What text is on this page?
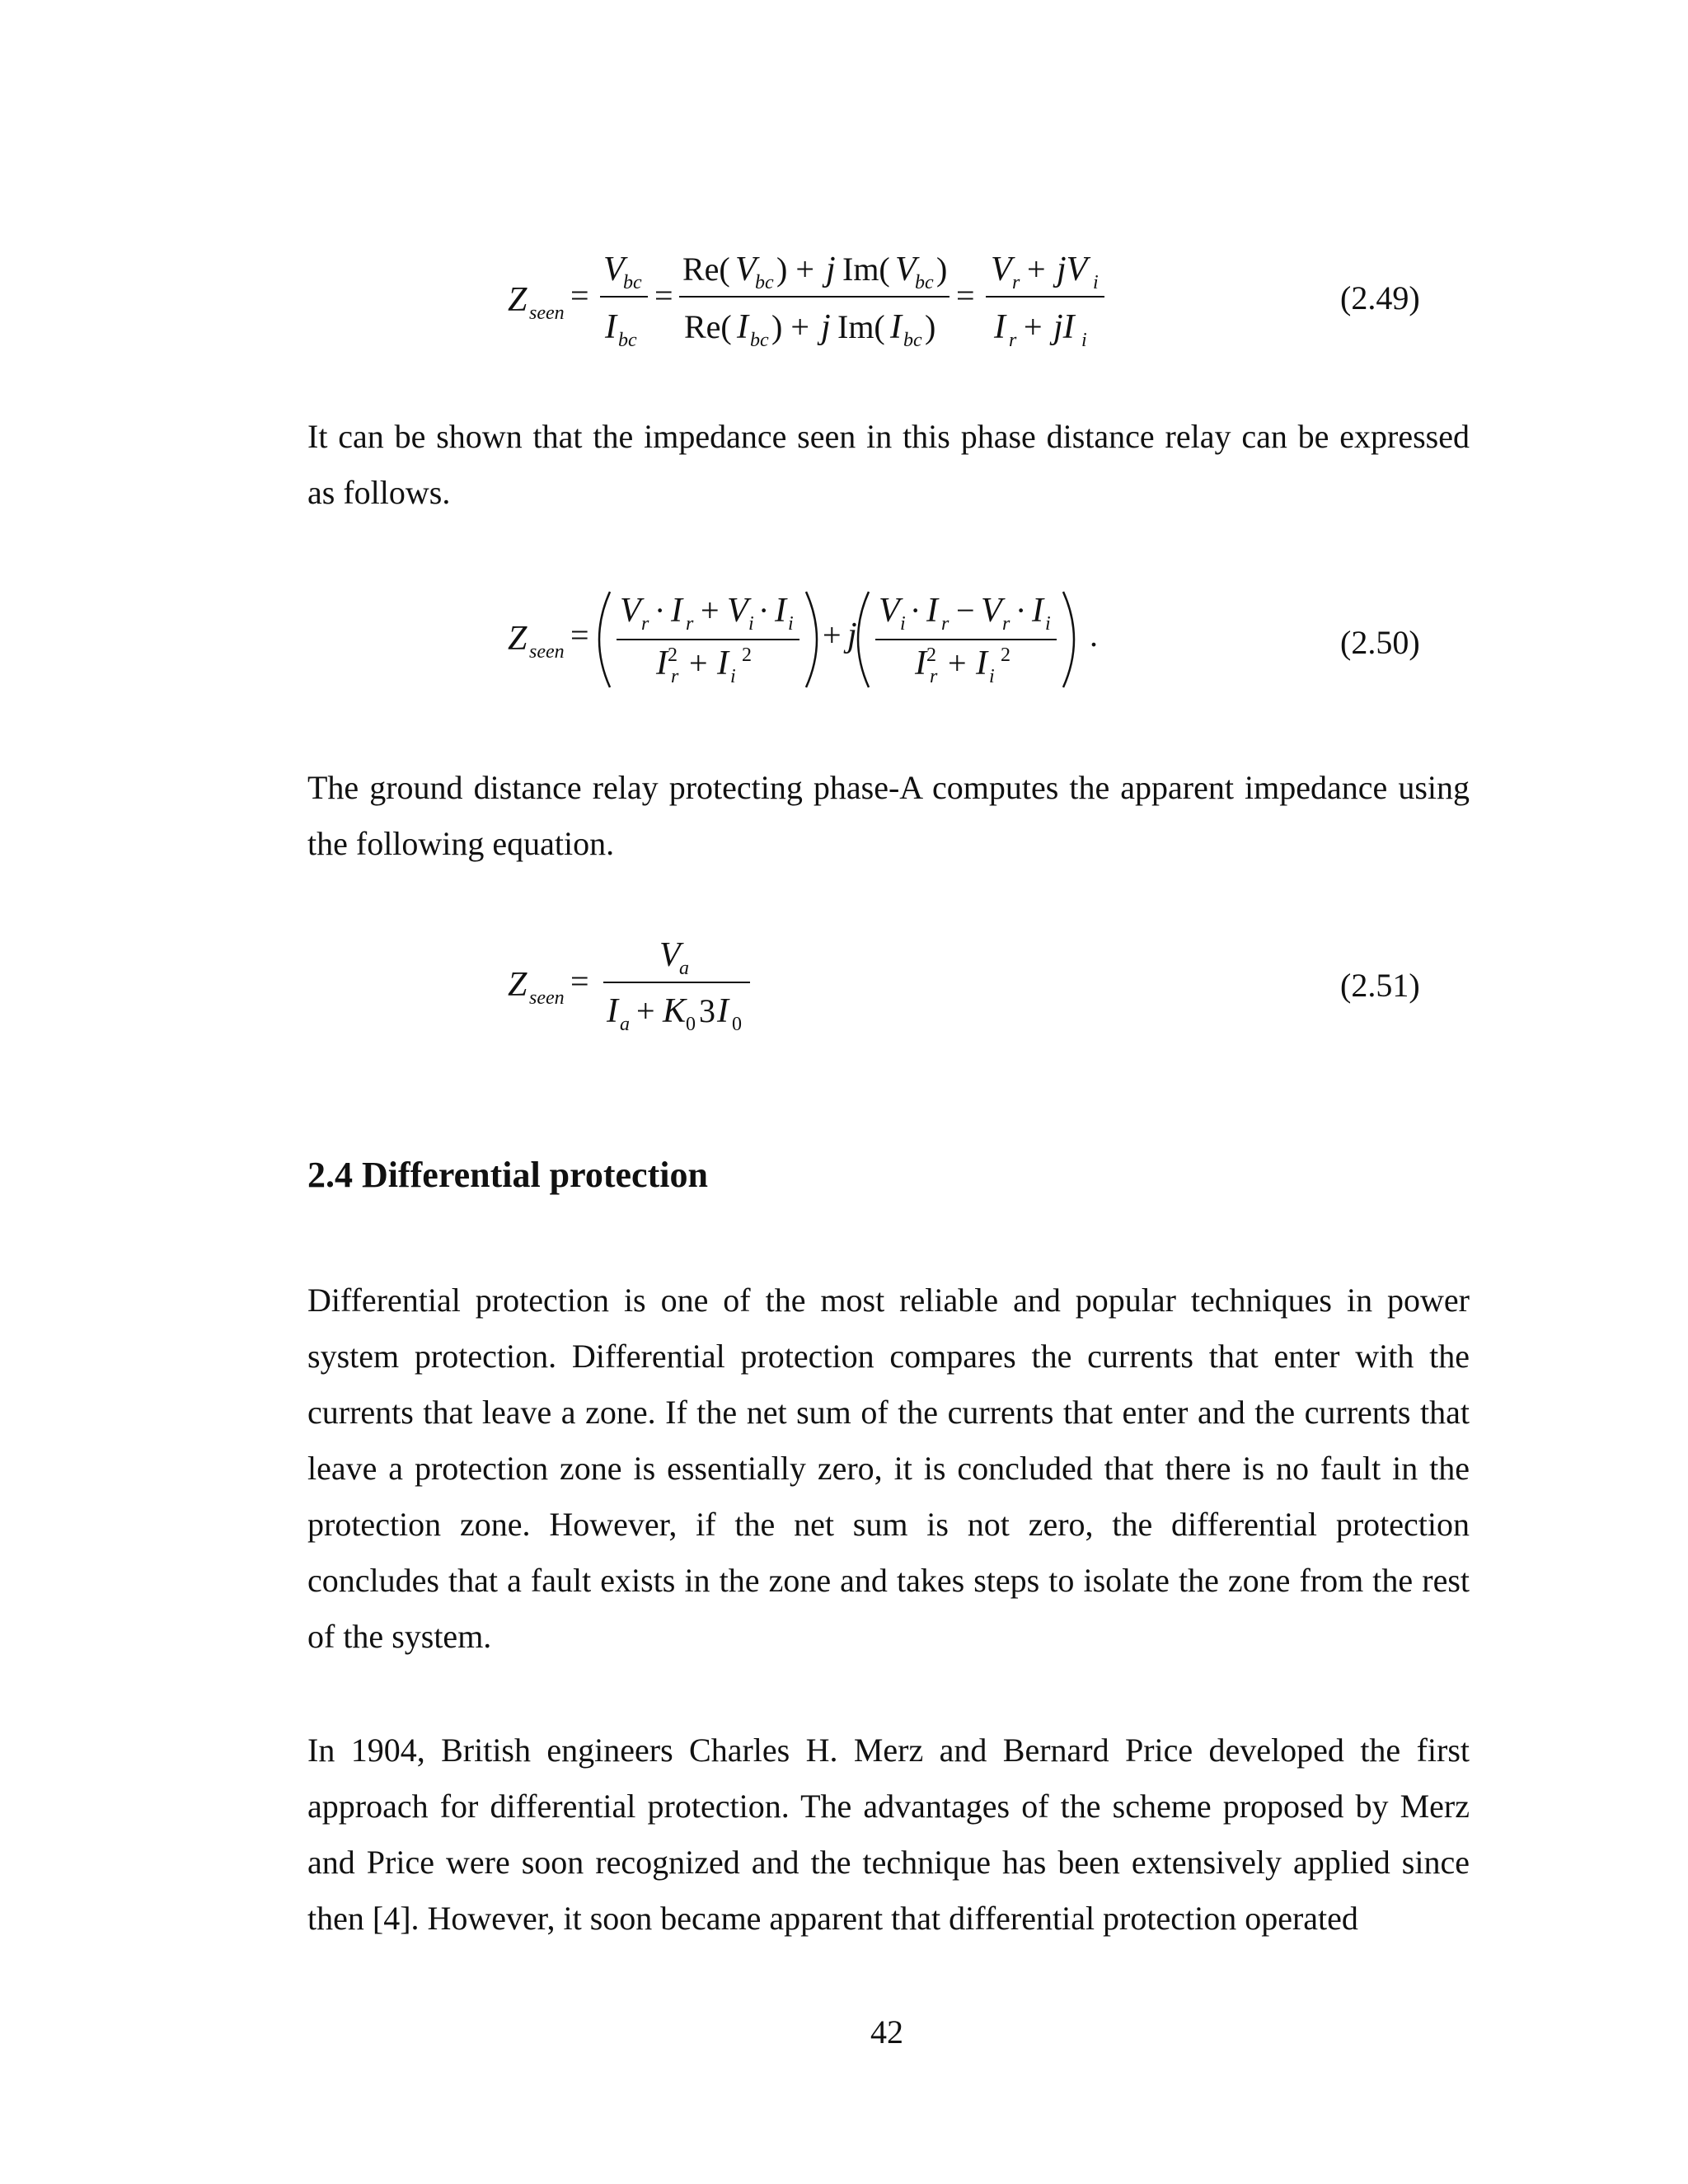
Z seen =
V
bc
I bc
=
Re( V
bc ) + j Im( V
bc )
Re( I bc ) + j Im( I bc )
=
V r + jV i
I r + jI i
(2.49)

It can be shown that the impedance seen in this phase distance relay can be expressed as follows.

Z seen =
V r · I r + V i · I i
I r
2 + I i
2
+ j
V i · I r − V r · I i
I r
2 + I i
2
.	(2.50)

The ground distance relay protecting phase-A computes the apparent impedance using the following equation.

Z seen =
V
a
I a + K 0 3 I 0
(2.51)
2.4 Differential protection

Differential protection is one of the most reliable and popular techniques in power system protection. Differential protection compares the currents that enter with the currents that leave a zone. If the net sum of the currents that enter and the currents that leave a protection zone is essentially zero, it is concluded that there is no fault in the protection zone. However, if the net sum is not zero, the differential protection concludes that a fault exists in the zone and takes steps to isolate the zone from the rest of the system.

In 1904, British engineers Charles H. Merz and Bernard Price developed the first approach for differential protection. The advantages of the scheme proposed by Merz and Price were soon recognized and the technique has been extensively applied since then [4]. However, it soon became apparent that differential protection operated

42
